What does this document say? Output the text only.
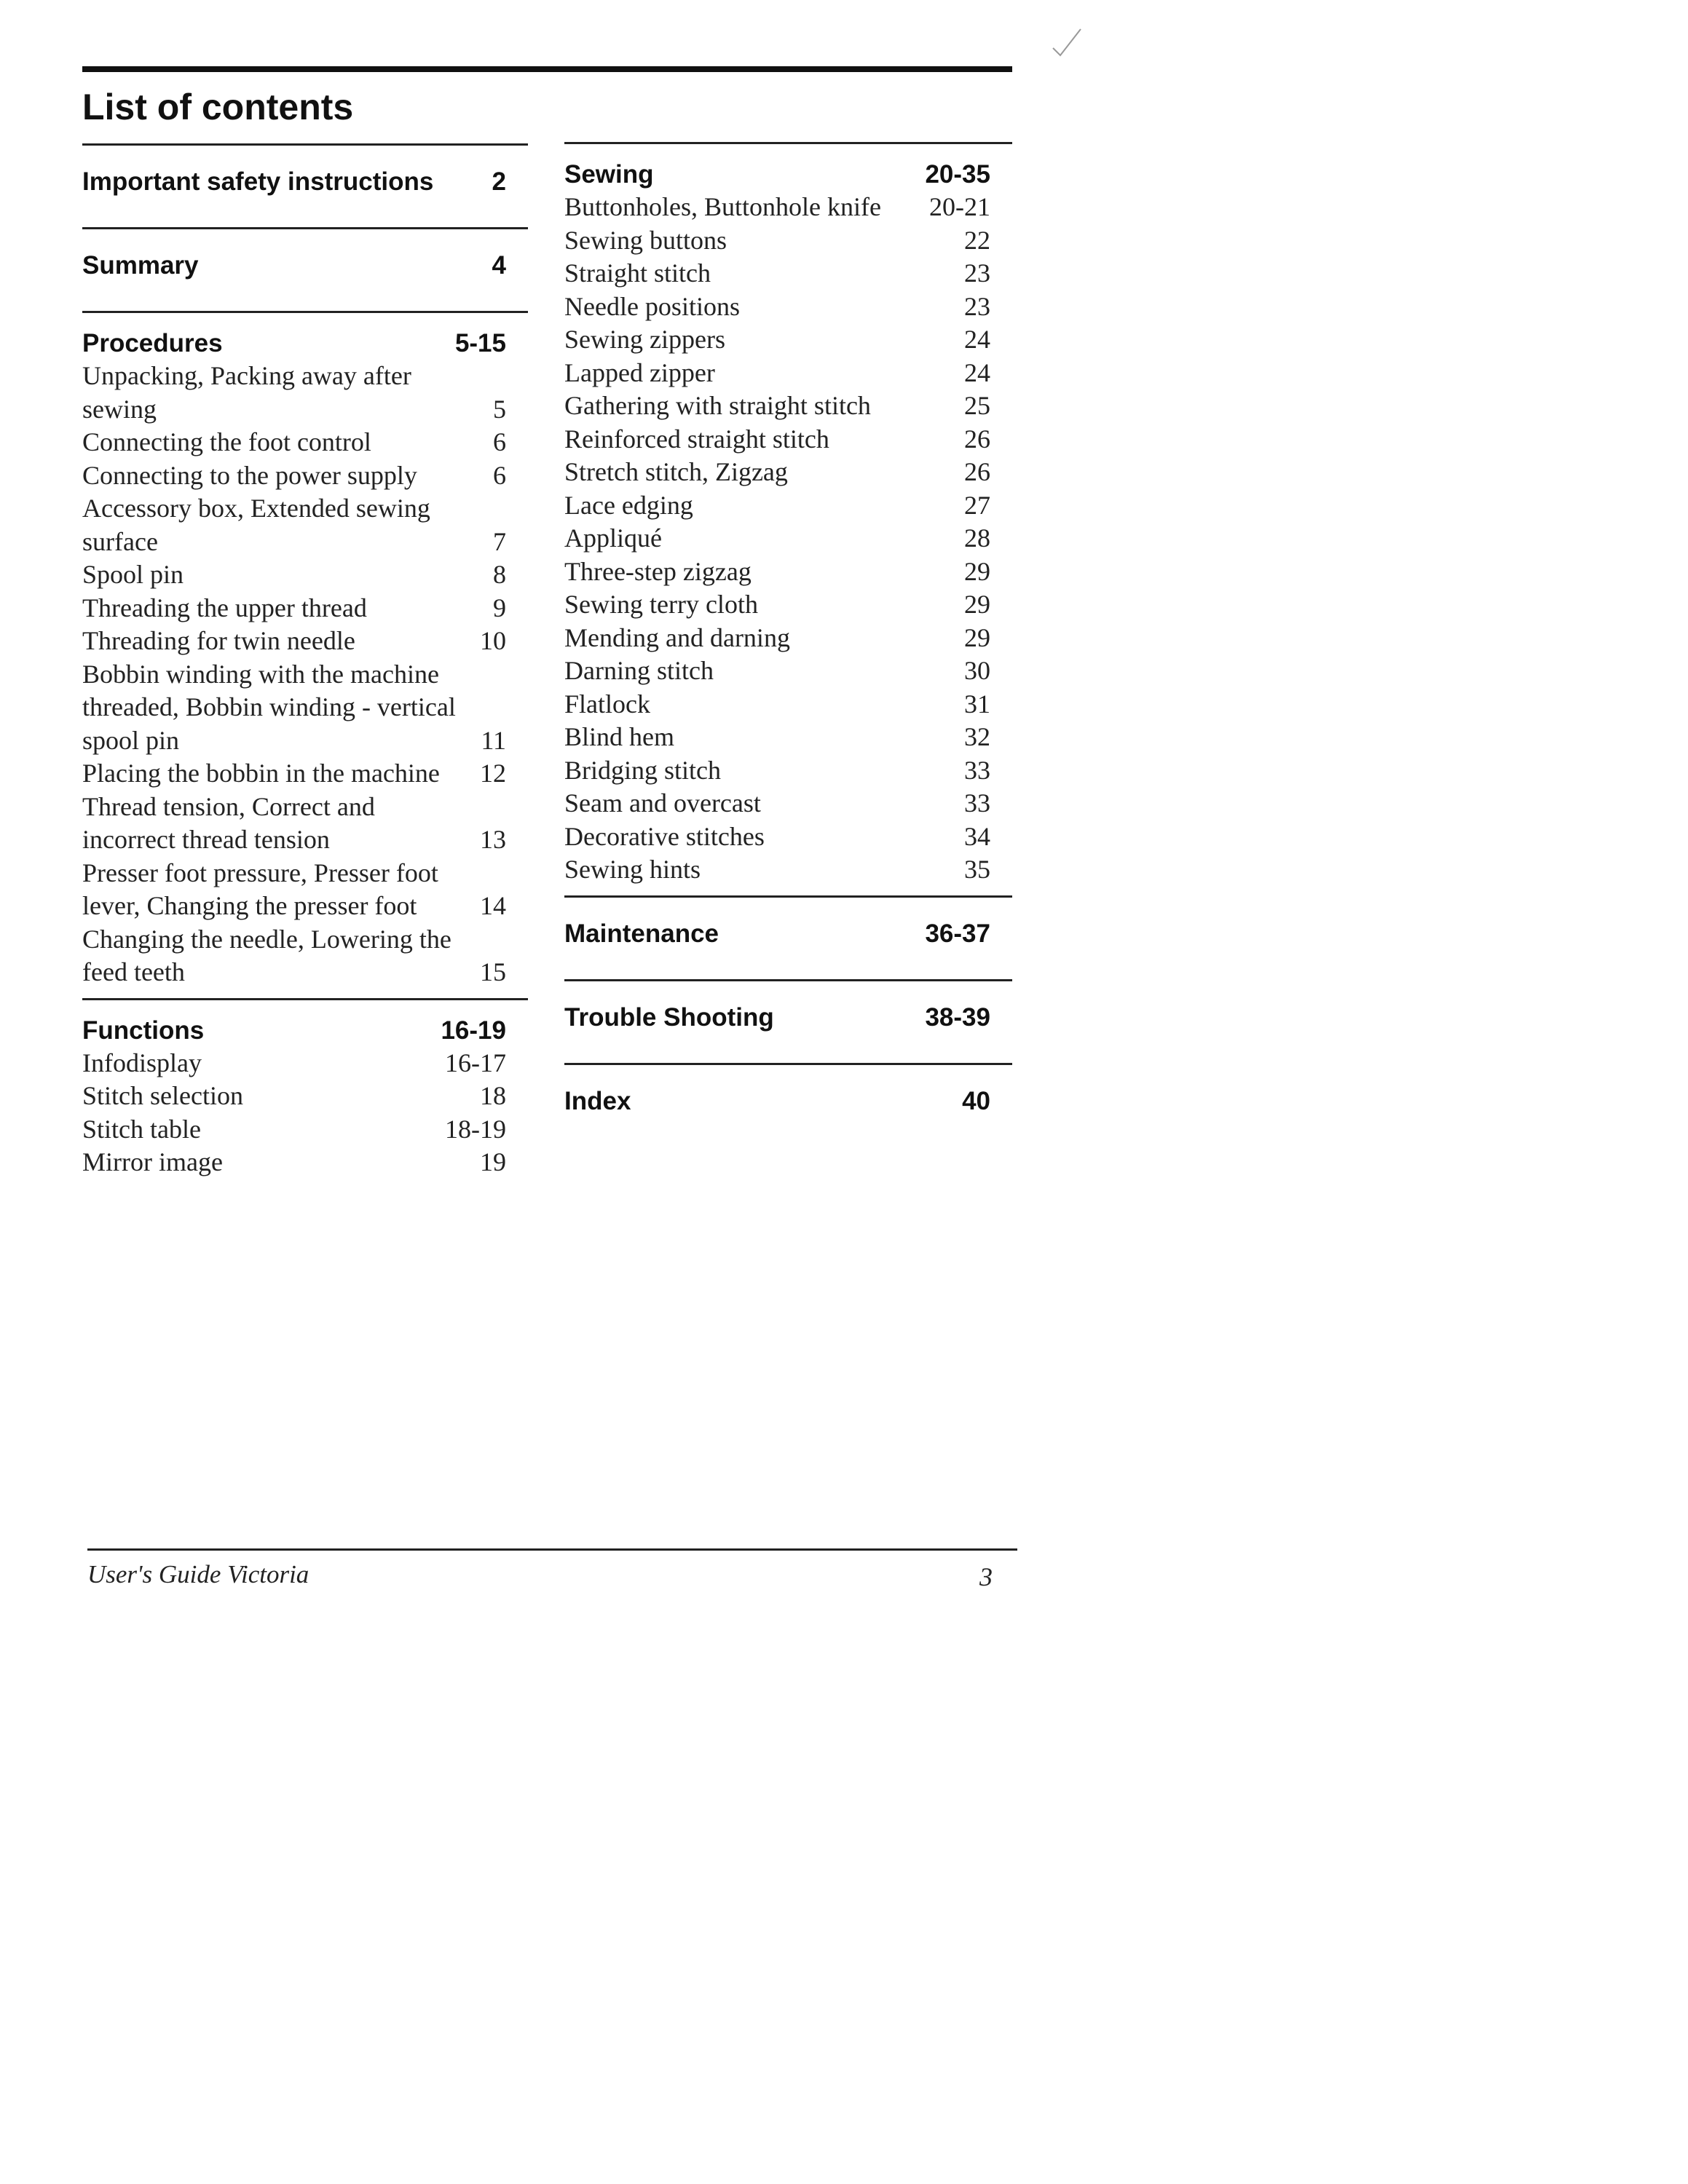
List of contents
Important safety instructions 2
Summary	4
Procedures	5-15
Unpacking, Packing away after sewing	5
Connecting the foot control	6
Connecting to the power supply	6
Accessory box, Extended sewing surface	7
Spool pin	8
Threading the upper thread	9
Threading for twin needle	10
Bobbin winding with the machine threaded, Bobbin winding - vertical spool pin	11
Placing the bobbin in the machine	12
Thread tension, Correct and incorrect thread tension	13
Presser foot pressure, Presser foot lever, Changing the presser foot	14
Changing the needle, Lowering the feed teeth	15
Functions	16-19
Infodisplay	16-17
Stitch selection	18
Stitch table	18-19
Mirror image	19
Sewing	20-35
Buttonholes, Buttonhole knife	20-21
Sewing buttons	22
Straight stitch	23
Needle positions	23
Sewing zippers	24
Lapped zipper	24
Gathering with straight stitch	25
Reinforced straight stitch	26
Stretch stitch, Zigzag	26
Lace edging	27
Appliqué	28
Three-step zigzag	29
Sewing terry cloth	29
Mending and darning	29
Darning stitch	30
Flatlock	31
Blind hem	32
Bridging stitch	33
Seam and overcast	33
Decorative stitches	34
Sewing hints	35
Maintenance	36-37
Trouble Shooting	38-39
Index	40
User's Guide Victoria	3
